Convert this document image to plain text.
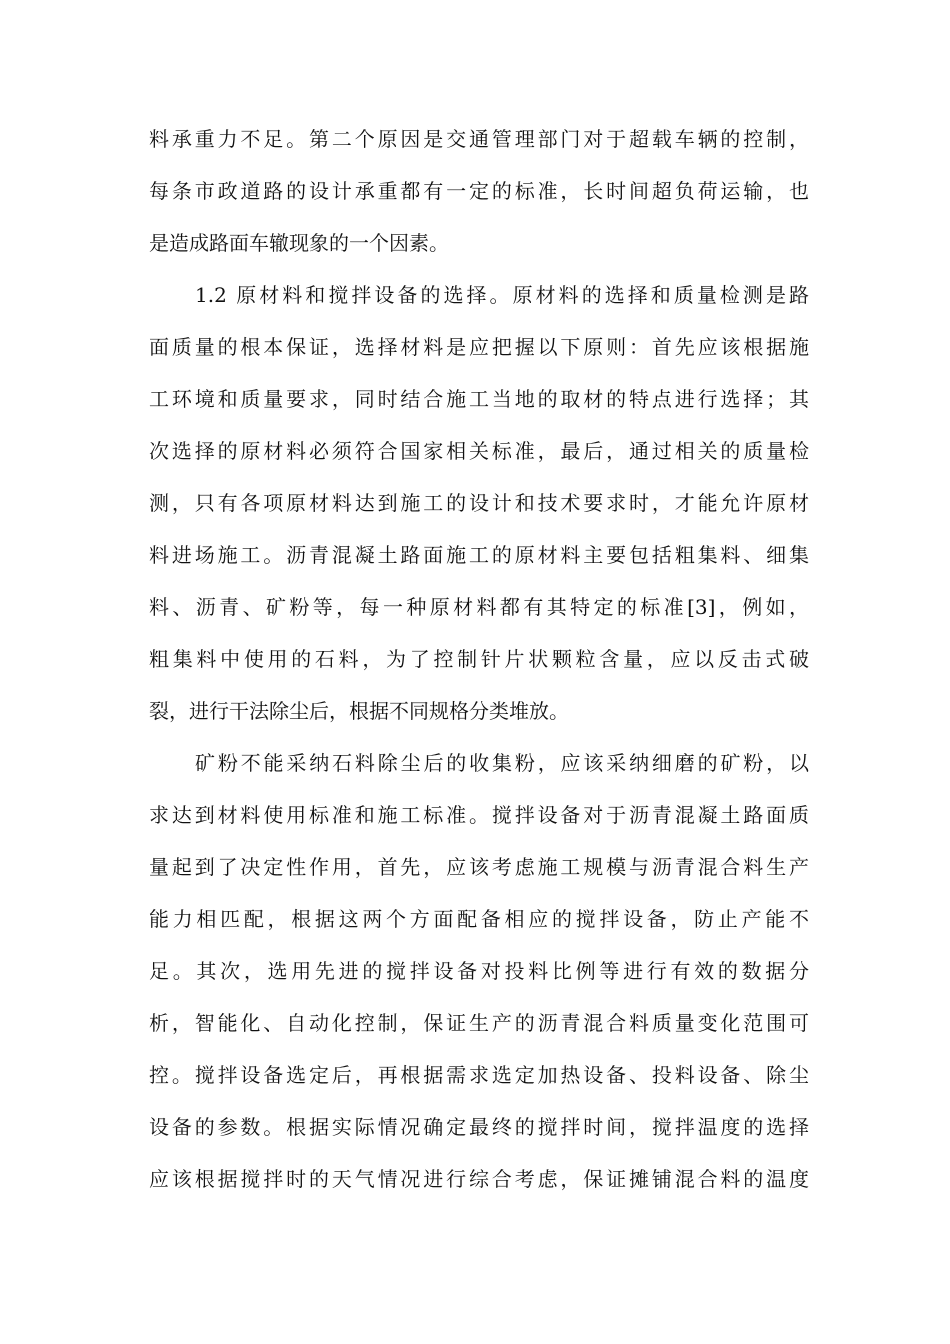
料承重力不足。第二个原因是交通管理部门对于超载车辆的控制，
每条市政道路的设计承重都有一定的标准，长时间超负荷运输，也
是造成路面车辙现象的一个因素。
1.2 原材料和搅拌设备的选择。原材料的选择和质量检测是路
面质量的根本保证，选择材料是应把握以下原则：首先应该根据施
工环境和质量要求，同时结合施工当地的取材的特点进行选择；其
次选择的原材料必须符合国家相关标准，最后，通过相关的质量检
测，只有各项原材料达到施工的设计和技术要求时，才能允许原材
料进场施工。沥青混凝土路面施工的原材料主要包括粗集料、细集
料、沥青、矿粉等，每一种原材料都有其特定的标准[3]，例如，
粗集料中使用的石料，为了控制针片状颗粒含量，应以反击式破
裂，进行干法除尘后，根据不同规格分类堆放。
矿粉不能采纳石料除尘后的收集粉，应该采纳细磨的矿粉，以
求达到材料使用标准和施工标准。搅拌设备对于沥青混凝土路面质
量起到了决定性作用，首先，应该考虑施工规模与沥青混合料生产
能力相匹配，根据这两个方面配备相应的搅拌设备，防止产能不
足。其次，选用先进的搅拌设备对投料比例等进行有效的数据分
析，智能化、自动化控制，保证生产的沥青混合料质量变化范围可
控。搅拌设备选定后，再根据需求选定加热设备、投料设备、除尘
设备的参数。根据实际情况确定最终的搅拌时间，搅拌温度的选择
应该根据搅拌时的天气情况进行综合考虑，保证摊铺混合料的温度
